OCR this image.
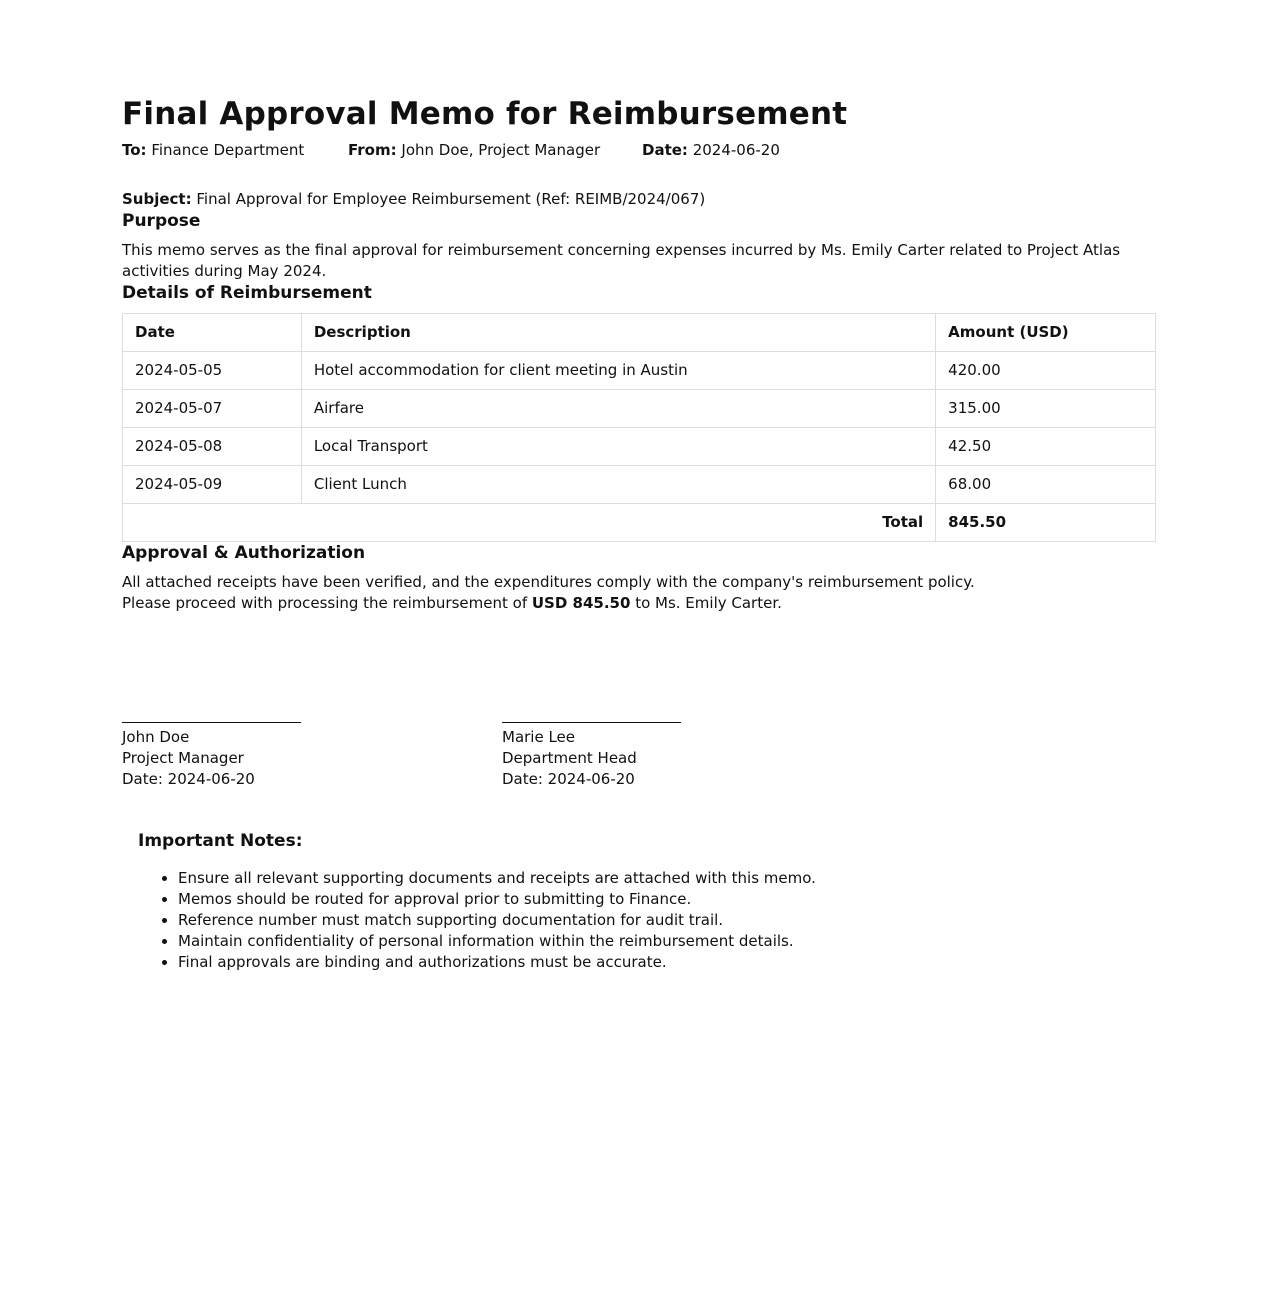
Final Approval Memo for Reimbursement
To: Finance Department	From: John Doe, Project Manager	Date: 2024-06-20
Subject: Final Approval for Employee Reimbursement (Ref: REIMB/2024/067)
Purpose
This memo serves as the final approval for reimbursement concerning expenses incurred by Ms. Emily Carter related to Project Atlas activities during May 2024.
Details of Reimbursement
Date	Description	Amount (USD)
2024-05-05	Hotel accommodation for client meeting in Austin	420.00
2024-05-07	Airfare	315.00
2024-05-08	Local Transport	42.50
2024-05-09	Client Lunch	68.00
Total		845.50
Approval & Authorization
All attached receipts have been verified, and the expenditures comply with the company's reimbursement policy.
Please proceed with processing the reimbursement of USD 845.50 to Ms. Emily Carter.
John Doe
Project Manager
Date: 2024-06-20
Marie Lee
Department Head
Date: 2024-06-20
Important Notes:
• Ensure all relevant supporting documents and receipts are attached with this memo.
• Memos should be routed for approval prior to submitting to Finance.
• Reference number must match supporting documentation for audit trail.
• Maintain confidentiality of personal information within the reimbursement details.
• Final approvals are binding and authorizations must be accurate.
